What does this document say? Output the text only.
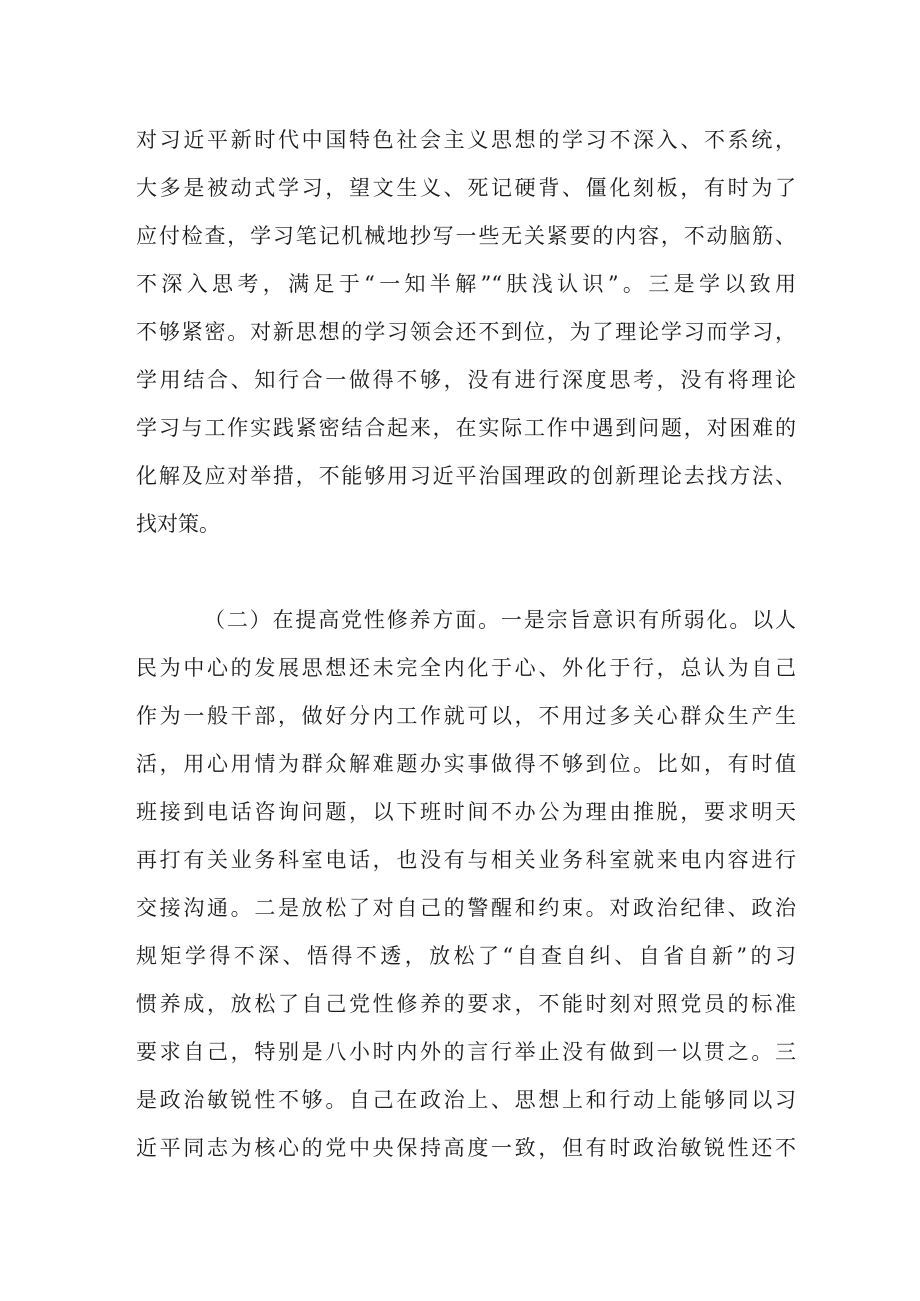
对习近平新时代中国特色社会主义思想的学习不深入、不系统，
大多是被动式学习，望文生义、死记硬背、僵化刻板，有时为了
应付检查，学习笔记机械地抄写一些无关紧要的内容，不动脑筋、
不深入思考，满足于“一知半解”“肤浅认识”。三是学以致用
不够紧密。对新思想的学习领会还不到位，为了理论学习而学习，
学用结合、知行合一做得不够，没有进行深度思考，没有将理论
学习与工作实践紧密结合起来，在实际工作中遇到问题，对困难的
化解及应对举措，不能够用习近平治国理政的创新理论去找方法、
找对策。
（二）在提高党性修养方面。一是宗旨意识有所弱化。以人
民为中心的发展思想还未完全内化于心、外化于行，总认为自己
作为一般干部，做好分内工作就可以，不用过多关心群众生产生
活，用心用情为群众解难题办实事做得不够到位。比如，有时值
班接到电话咨询问题，以下班时间不办公为理由推脱，要求明天
再打有关业务科室电话，也没有与相关业务科室就来电内容进行
交接沟通。二是放松了对自己的警醒和约束。对政治纪律、政治
规矩学得不深、悟得不透，放松了“自查自纠、自省自新”的习
惯养成，放松了自己党性修养的要求，不能时刻对照党员的标准
要求自己，特别是八小时内外的言行举止没有做到一以贯之。三
是政治敏锐性不够。自己在政治上、思想上和行动上能够同以习
近平同志为核心的党中央保持高度一致，但有时政治敏锐性还不
